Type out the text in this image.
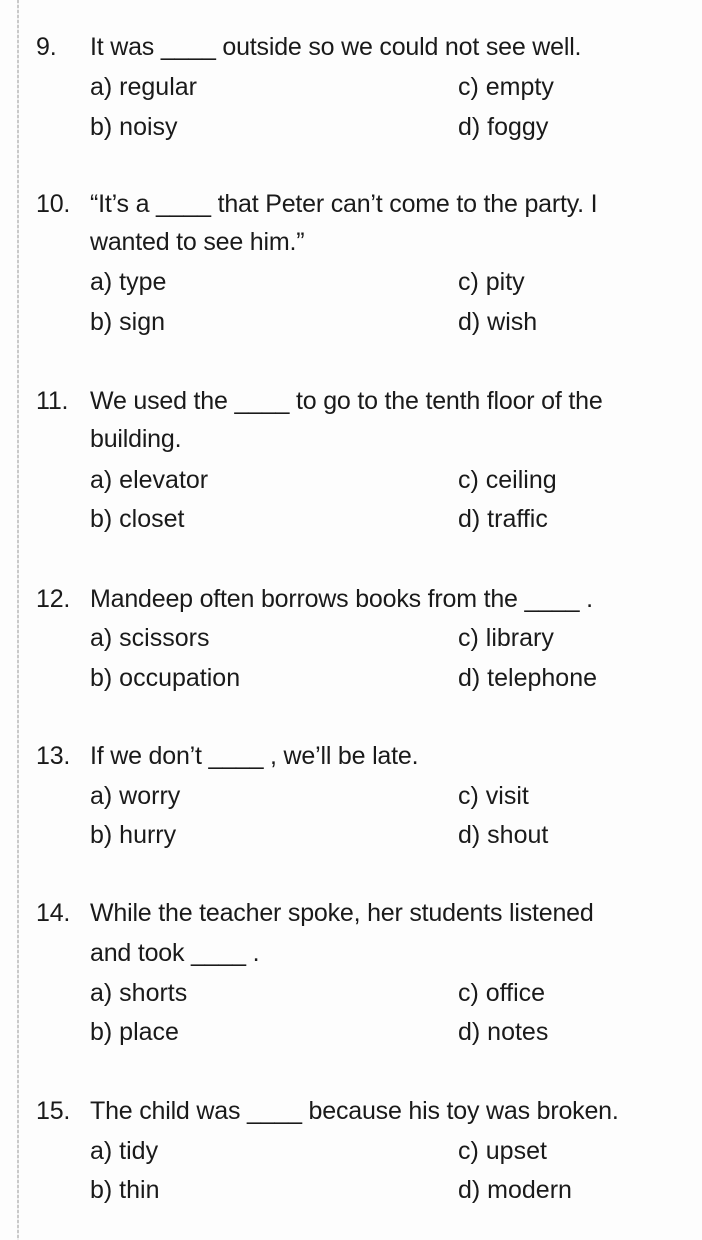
9. It was ____ outside so we could not see well.
a) regular	c) empty
b) noisy	d) foggy
10. “It’s a ____ that Peter can’t come to the party. I
wanted to see him.”
a) type	c) pity
b) sign	d) wish
11. We used the ____ to go to the tenth floor of the
building.
a) elevator	c) ceiling
b) closet	d) traffic
12. Mandeep often borrows books from the ____ .
a) scissors	c) library
b) occupation	d) telephone
13. If we don’t ____ , we’ll be late.
a) worry	c) visit
b) hurry	d) shout
14. While the teacher spoke, her students listened
and took ____ .
a) shorts	c) office
b) place	d) notes
15. The child was ____ because his toy was broken.
a) tidy	c) upset
b) thin	d) modern
